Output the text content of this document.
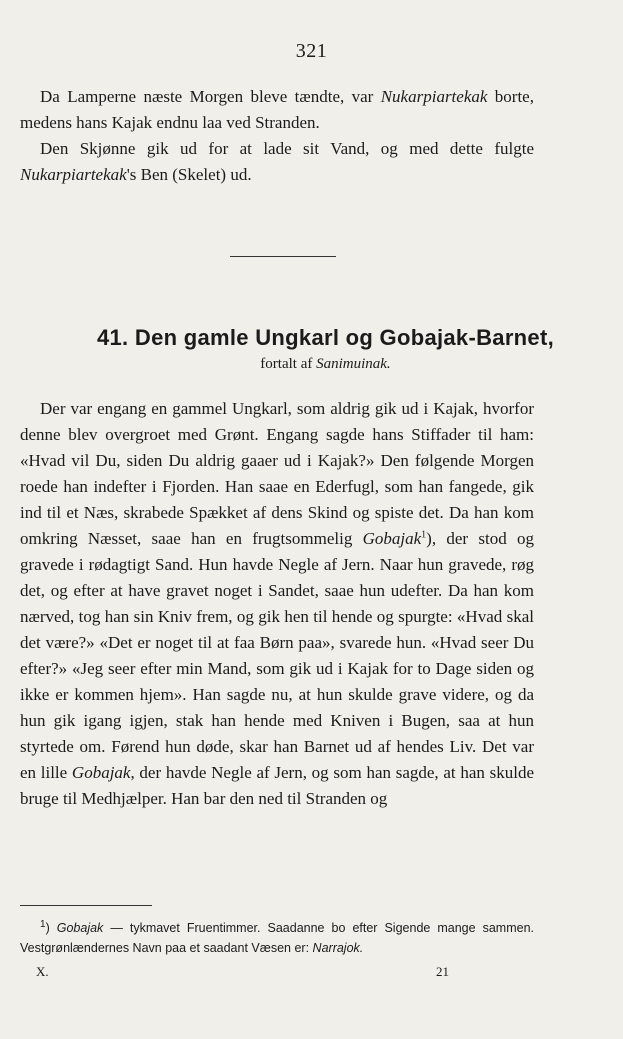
321

Da Lamperne næste Morgen bleve tændte, var Nukarpiartekak borte, medens hans Kajak endnu laa ved Stranden.

Den Skjønne gik ud for at lade sit Vand, og med dette fulgte Nukarpiartekak's Ben (Skelet) ud.

41. Den gamle Ungkarl og Gobajak-Barnet,
fortalt af Sanimuinak.

Der var engang en gammel Ungkarl, som aldrig gik ud i Kajak, hvorfor denne blev overgroet med Grønt. Engang sagde hans Stiffader til ham: «Hvad vil Du, siden Du aldrig gaaer ud i Kajak?» Den følgende Morgen roede han indefter i Fjorden. Han saae en Ederfugl, som han fangede, gik ind til et Næs, skrabede Spækket af dens Skind og spiste det. Da han kom omkring Næsset, saae han en frugtsommelig Gobajak$^1$), der stod og gravede i rødagtigt Sand. Hun havde Negle af Jern. Naar hun gravede, røg det, og efter at have gravet noget i Sandet, saae hun udefter. Da han kom nærved, tog han sin Kniv frem, og gik hen til hende og spurgte: «Hvad skal det være?» «Det er noget til at faa Børn paa», svarede hun. «Hvad seer Du efter?» «Jeg seer efter min Mand, som gik ud i Kajak for to Dage siden og ikke er kommen hjem». Han sagde nu, at hun skulde grave videre, og da hun gik igang igjen, stak han hende med Kniven i Bugen, saa at hun styrtede om. Førend hun døde, skar han Barnet ud af hendes Liv. Det var en lille Gobajak, der havde Negle af Jern, og som han sagde, at han skulde bruge til Medhjælper. Han bar den ned til Stranden og

$^1$) Gobajak — tykmavet Fruentimmer. Saadanne bo efter Sigende mange sammen. Vestgrønlændernes Navn paa et saadant Væsen er: Narrajok.

X.	21
